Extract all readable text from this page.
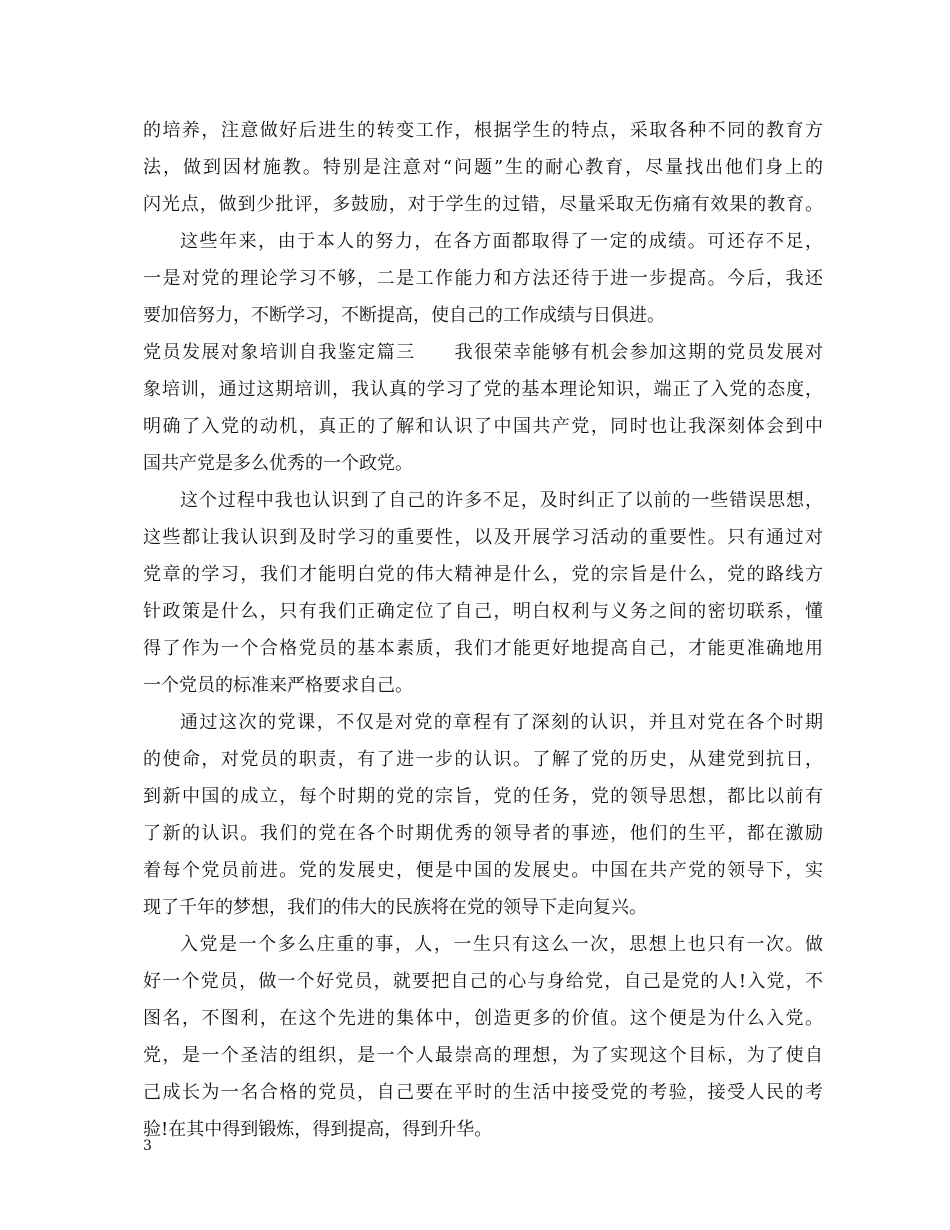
的培养，注意做好后进生的转变工作，根据学生的特点，采取各种不同的教育方
法，做到因材施教。特别是注意对“问题”生的耐心教育，尽量找出他们身上的
闪光点，做到少批评，多鼓励，对于学生的过错，尽量采取无伤痛有效果的教育。
这些年来，由于本人的努力，在各方面都取得了一定的成绩。可还存不足，
一是对党的理论学习不够，二是工作能力和方法还待于进一步提高。今后，我还
要加倍努力，不断学习，不断提高，使自己的工作成绩与日俱进。
党员发展对象培训自我鉴定篇三　　我很荣幸能够有机会参加这期的党员发展对
象培训，通过这期培训，我认真的学习了党的基本理论知识，端正了入党的态度，
明确了入党的动机，真正的了解和认识了中国共产党，同时也让我深刻体会到中
国共产党是多么优秀的一个政党。
这个过程中我也认识到了自己的许多不足，及时纠正了以前的一些错误思想，
这些都让我认识到及时学习的重要性，以及开展学习活动的重要性。只有通过对
党章的学习，我们才能明白党的伟大精神是什么，党的宗旨是什么，党的路线方
针政策是什么，只有我们正确定位了自己，明白权利与义务之间的密切联系，懂
得了作为一个合格党员的基本素质，我们才能更好地提高自己，才能更准确地用
一个党员的标准来严格要求自己。
通过这次的党课，不仅是对党的章程有了深刻的认识，并且对党在各个时期
的使命，对党员的职责，有了进一步的认识。了解了党的历史，从建党到抗日，
到新中国的成立，每个时期的党的宗旨，党的任务，党的领导思想，都比以前有
了新的认识。我们的党在各个时期优秀的领导者的事迹，他们的生平，都在激励
着每个党员前进。党的发展史，便是中国的发展史。中国在共产党的领导下，实
现了千年的梦想，我们的伟大的民族将在党的领导下走向复兴。
入党是一个多么庄重的事，人，一生只有这么一次，思想上也只有一次。做
好一个党员，做一个好党员，就要把自己的心与身给党，自己是党的人!入党，不
图名，不图利，在这个先进的集体中，创造更多的价值。这个便是为什么入党。
党，是一个圣洁的组织，是一个人最崇高的理想，为了实现这个目标，为了使自
己成长为一名合格的党员，自己要在平时的生活中接受党的考验，接受人民的考
验!在其中得到锻炼，得到提高，得到升华。
3
